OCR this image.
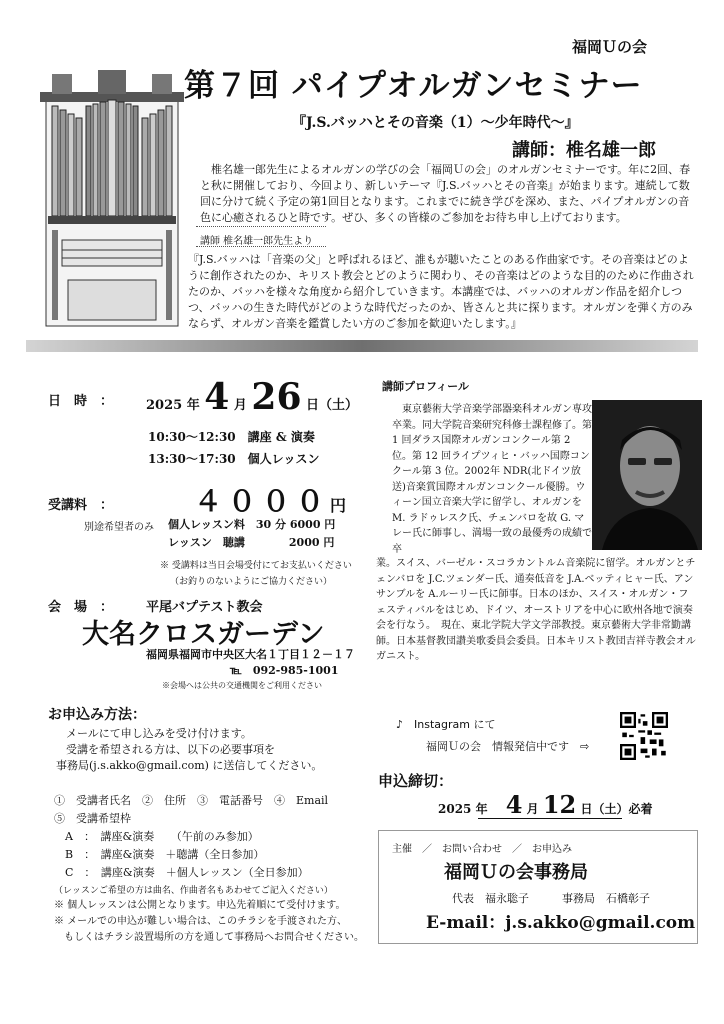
福岡Ｕの会
第７回 パイプオルガンセミナー
『J.S.バッハとその音楽（1）～少年時代～』
講師：椎名雄一郎
椎名雄一郎先生によるオルガンの学びの会「福岡Ｕの会」のオルガンセミナーです。年に2回、春と秋に開催しており、今回より、新しいテーマ『J.S.バッハとその音楽』が始まります。連続して数回に分けて続く予定の第1回目となります。これまでに続き学びを深め、また、パイプオルガンの音色に心癒されるひと時です。ぜひ、多くの皆様のご参加をお待ち申し上げております。
講師 椎名雄一郎先生より
『J.S.バッハは「音楽の父」と呼ばれるほど、誰もが聴いたことのある作曲家です。その音楽はどのように創作されたのか、キリスト教会とどのように関わり、その音楽はどのような目的のために作曲されたのか、バッハを様々な角度から紹介していきます。本講座では、バッハのオルガン作品を紹介しつつ、バッハの生きた時代がどのような時代だったのか、皆さんと共に探ります。オルガンを弾く方のみならず、オルガン音楽を鑑賞したい方のご参加を歓迎いたします。』
日　時　：	2025 年 4 月 26 日（土）
10:30～12:30　講座 & 演奏
13:30～17:30　個人レッスン
受講料　：	４０００円
別途希望者のみ 個人レッスン料　30 分 6000 円
レッスン　聴講　　　　2000 円
※ 受講料は当日会場受付にてお支払いください
（お釣りのないようにご協力ください）
会　場　：	平尾バプテスト教会
大名クロスガーデン
福岡県福岡市中央区大名１丁目１２－１７
℡　092-985-1001
※会場へは公共の交通機関をご利用ください
お申込み方法：
メールにて申し込みを受け付けます。
受講を希望される方は、以下の必要事項を
事務局(j.s.akko@gmail.com) に送信してください。
①　受講者氏名　②　住所　③　電話番号　④　Email
⑤　受講希望枠
　A　：　講座&演奏　　（午前のみ参加）
　B　：　講座&演奏　＋聴講（全日参加）
　C　：　講座&演奏　＋個人レッスン（全日参加）
（レッスンご希望の方は曲名、作曲者名もあわせてご記入ください）
※ 個人レッスンは公開となります。申込先着順にて受付けます。
※ メールでの申込が難しい場合は、このチラシを手渡された方、
　もしくはチラシ設置場所の方を通して事務局へお問合せください。
講師プロフィール
東京藝術大学音楽学部器楽科オルガン専攻卒業。同大学院音楽研究科修士課程修了。第 1 回ダラス国際オルガンコンクール第 2 位。第 12 回ライプツィヒ・バッハ国際コンクール第 3 位。2002年 NDR(北ドイツ放送)音楽賞国際オルガンコンクール優勝。ウィーン国立音楽大学に留学し、オルガンを M. ラドゥレスク氏、チェンバロを故 G. マレー氏に師事し、満場一致の最優秀の成績で卒
業。スイス、バーゼル・スコラカントルム音楽院に留学。オルガンとチェンバロを J.C.ツェンダー氏、通奏低音を J.A.ベッティヒャー氏、アンサンブルを A.ルーリー氏に師事。日本のほか、スイス・オルガン・フェスティバルをはじめ、ドイツ、オーストリアを中心に欧州各地で演奏会を行なう。　現在、東北学院大学文学部教授。東京藝術大学非常勤講師。日本基督教団讃美歌委員会委員。日本キリスト教団吉祥寺教会オルガニスト。
♪　Instagram にて
福岡Ｕの会　情報発信中です　⇨
申込締切：
2025 年 4 月 12 日（土）必着
主催　／　お問い合わせ　／　お申込み
福岡Ｕの会事務局
代表　福永聡子　　　事務局　石橋彰子
E-mail：j.s.akko@gmail.com
